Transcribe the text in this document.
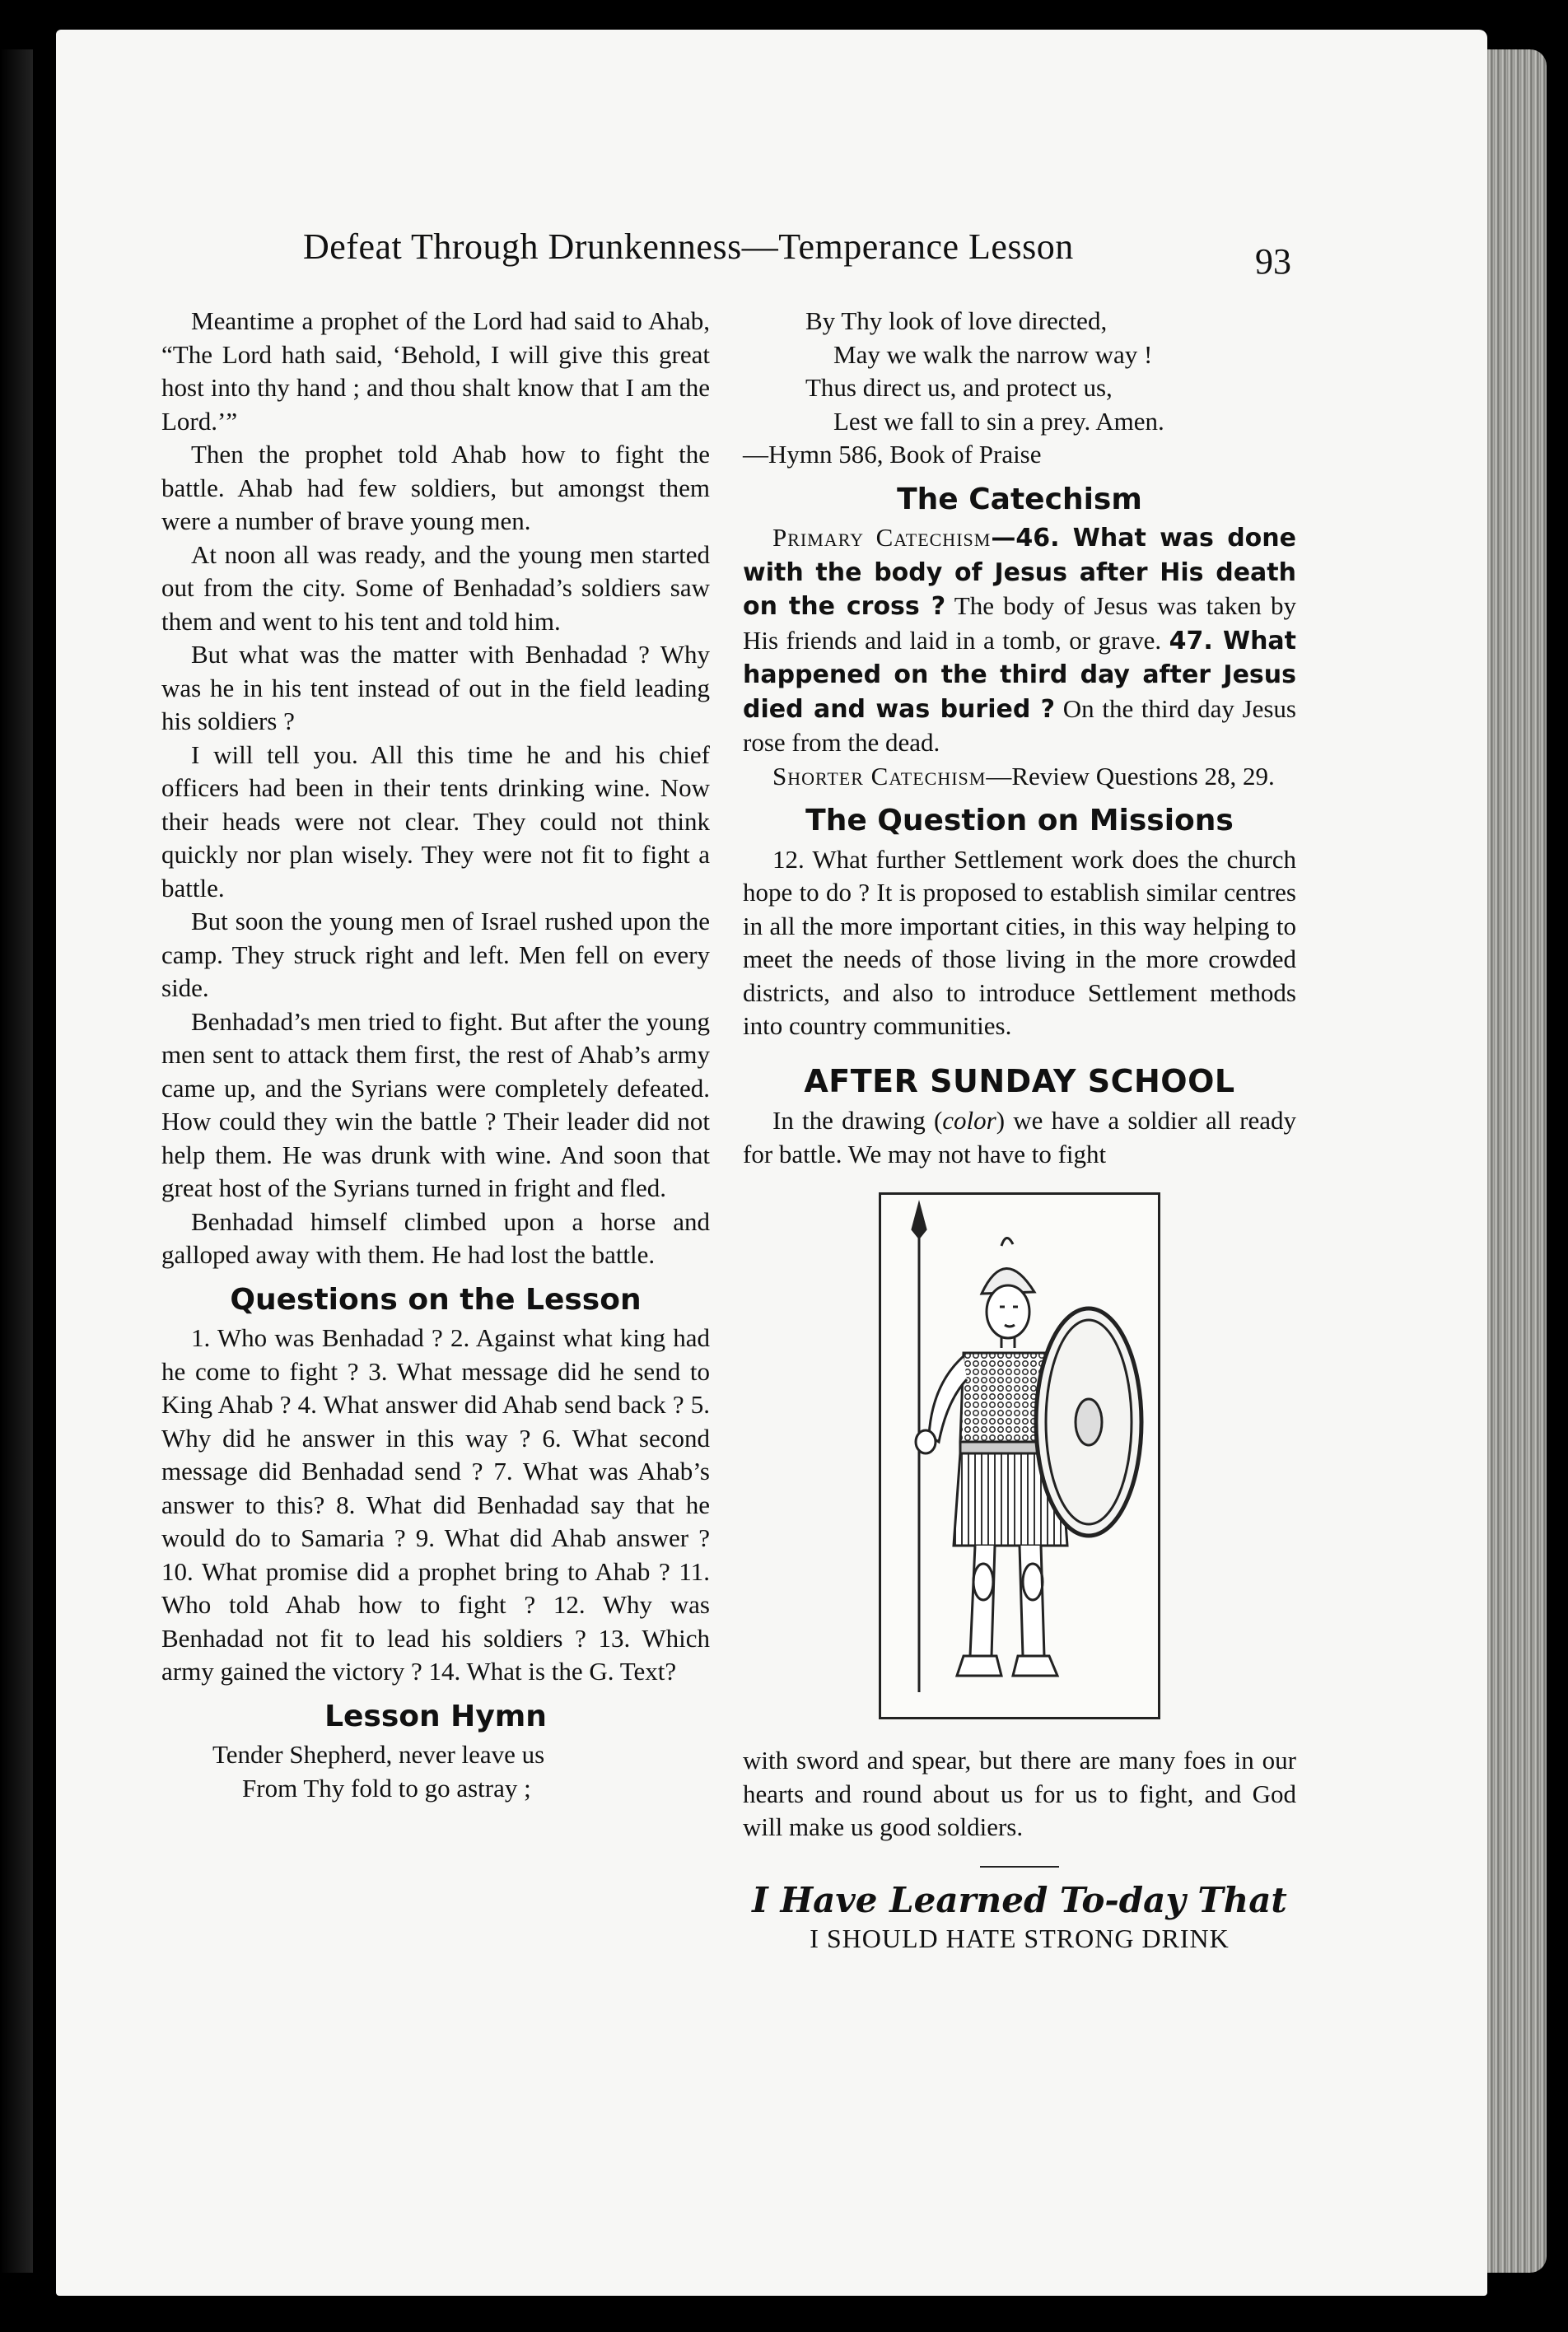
Defeat Through Drunkenness—Temperance Lesson	93

Meantime a prophet of the Lord had said to Ahab, “The Lord hath said, ‘Behold, I will give this great host into thy hand ; and thou shalt know that I am the Lord.’”

Then the prophet told Ahab how to fight the battle. Ahab had few soldiers, but amongst them were a number of brave young men.

At noon all was ready, and the young men started out from the city. Some of Benhadad’s soldiers saw them and went to his tent and told him.

But what was the matter with Benhadad ? Why was he in his tent instead of out in the field leading his soldiers ?

I will tell you. All this time he and his chief officers had been in their tents drinking wine. Now their heads were not clear. They could not think quickly nor plan wisely. They were not fit to fight a battle.

But soon the young men of Israel rushed upon the camp. They struck right and left. Men fell on every side.

Benhadad’s men tried to fight. But after the young men sent to attack them first, the rest of Ahab’s army came up, and the Syrians were completely defeated. How could they win the battle ? Their leader did not help them. He was drunk with wine. And soon that great host of the Syrians turned in fright and fled.

Benhadad himself climbed upon a horse and galloped away with them. He had lost the battle.

Questions on the Lesson

1. Who was Benhadad ? 2. Against what king had he come to fight ? 3. What message did he send to King Ahab ? 4. What answer did Ahab send back ? 5. Why did he answer in this way ? 6. What second message did Benhadad send ? 7. What was Ahab’s answer to this? 8. What did Benhadad say that he would do to Samaria ? 9. What did Ahab answer ? 10. What promise did a prophet bring to Ahab ? 11. Who told Ahab how to fight ? 12. Why was Benhadad not fit to lead his soldiers ? 13. Which army gained the victory ? 14. What is the G. Text?

Lesson Hymn

Tender Shepherd, never leave us

From Thy fold to go astray ;

By Thy look of love directed,

May we walk the narrow way !

Thus direct us, and protect us,

Lest we fall to sin a prey. Amen.

—Hymn 586, Book of Praise

The Catechism

Primary Catechism—46. What was done with the body of Jesus after His death on the cross ? The body of Jesus was taken by His friends and laid in a tomb, or grave. 47. What happened on the third day after Jesus died and was buried ? On the third day Jesus rose from the dead.

Shorter Catechism—Review Questions 28, 29.

The Question on Missions

12. What further Settlement work does the church hope to do ? It is proposed to establish similar centres in all the more important cities, in this way helping to meet the needs of those living in the more crowded districts, and also to introduce Settlement methods into country communities.

AFTER SUNDAY SCHOOL

In the drawing (color) we have a soldier all ready for battle. We may not have to fight

with sword and spear, but there are many foes in our hearts and round about us for us to fight, and God will make us good soldiers.

I Have Learned To-day That
I SHOULD HATE STRONG DRINK
